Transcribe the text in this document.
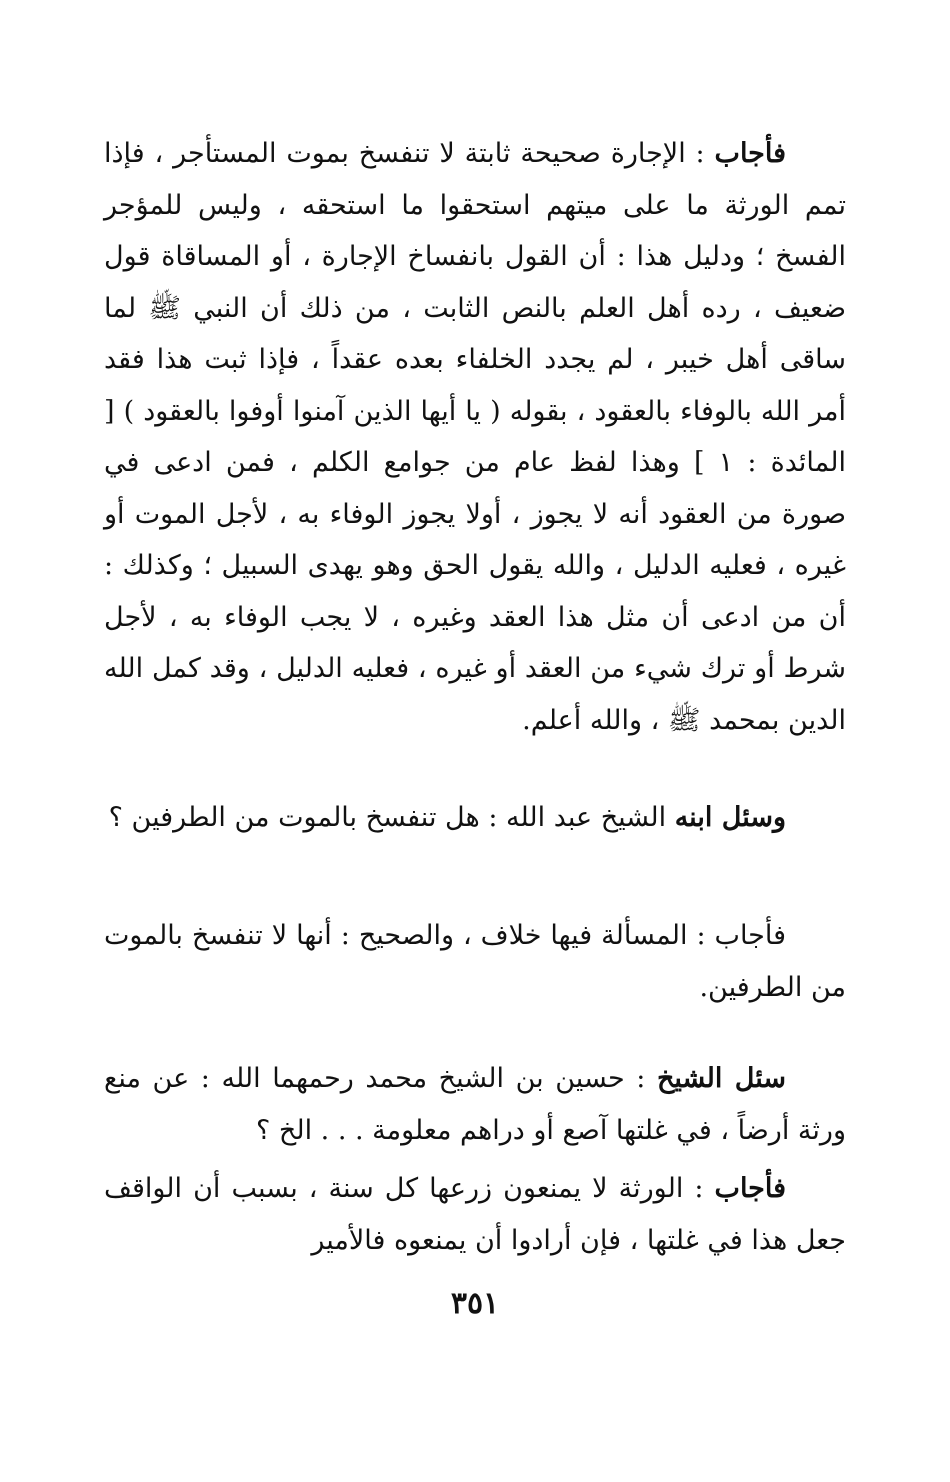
فأجاب : الإجارة صحيحة ثابتة لا تنفسخ بموت المستأجر ، فإذا تمم الورثة ما على ميتهم استحقوا ما استحقه ، وليس للمؤجر الفسخ ؛ ودليل هذا : أن القول بانفساخ الإجارة ، أو المساقاة قول ضعيف ، رده أهل العلم بالنص الثابت ، من ذلك أن النبي ﷺ لما ساقى أهل خيبر ، لم يجدد الخلفاء بعده عقداً ، فإذا ثبت هذا فقد أمر الله بالوفاء بالعقود ، بقوله ( يا أيها الذين آمنوا أوفوا بالعقود ) [ المائدة : ١ ] وهذا لفظ عام من جوامع الكلم ، فمن ادعى في صورة من العقود أنه لا يجوز ، أولا يجوز الوفاء به ، لأجل الموت أو غيره ، فعليه الدليل ، والله يقول الحق وهو يهدى السبيل ؛ وكذلك : أن من ادعى أن مثل هذا العقد وغيره ، لا يجب الوفاء به ، لأجل شرط أو ترك شيء من العقد أو غيره ، فعليه الدليل ، وقد كمل الله الدين بمحمد ﷺ ، والله أعلم.

وسئل ابنه الشيخ عبد الله : هل تنفسخ بالموت من الطرفين ؟

فأجاب : المسألة فيها خلاف ، والصحيح : أنها لا تنفسخ بالموت من الطرفين.

سئل الشيخ : حسين بن الشيخ محمد رحمهما الله : عن منع ورثة أرضاً ، في غلتها آصع أو دراهم معلومة . . . الخ ؟

فأجاب : الورثة لا يمنعون زرعها كل سنة ، بسبب أن الواقف جعل هذا في غلتها ، فإن أرادوا أن يمنعوه فالأمير

٣٥١
